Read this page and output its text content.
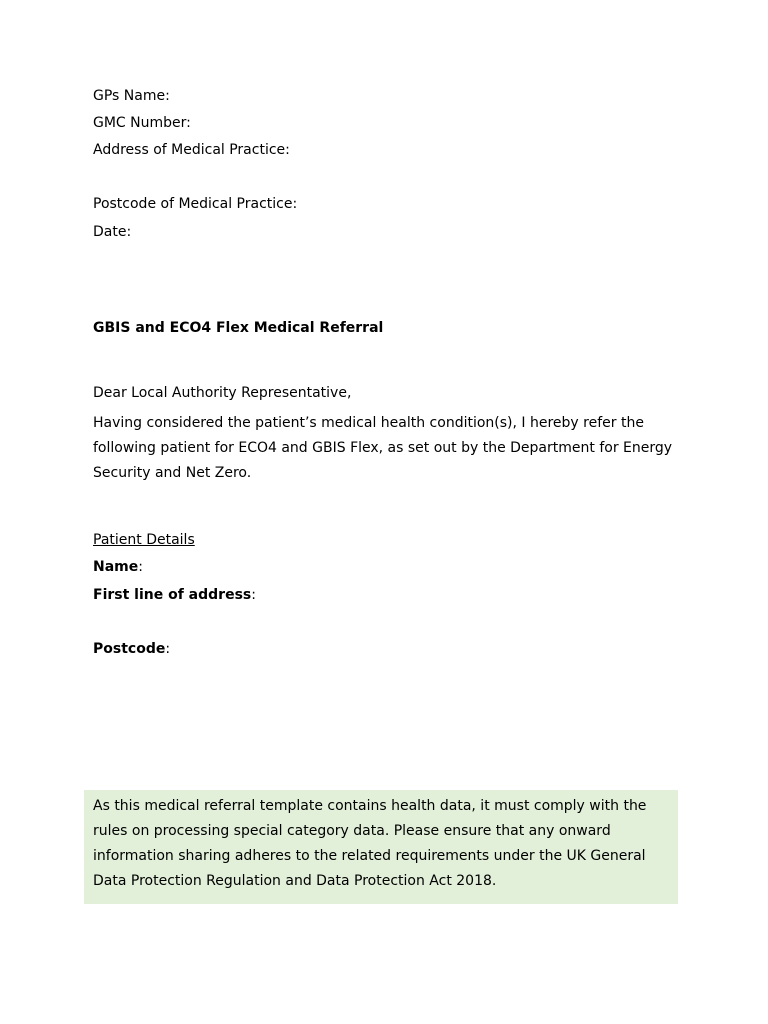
GPs Name:
GMC Number:
Address of Medical Practice:
Postcode of Medical Practice:
Date:
GBIS and ECO4 Flex Medical Referral
Dear Local Authority Representative,

Having considered the patient’s medical health condition(s), I hereby refer the following patient for ECO4 and GBIS Flex, as set out by the Department for Energy Security and Net Zero.

Patient Details
Name:
First line of address:
Postcode:

As this medical referral template contains health data, it must comply with the rules on processing special category data. Please ensure that any onward information sharing adheres to the related requirements under the UK General Data Protection Regulation and Data Protection Act 2018.
